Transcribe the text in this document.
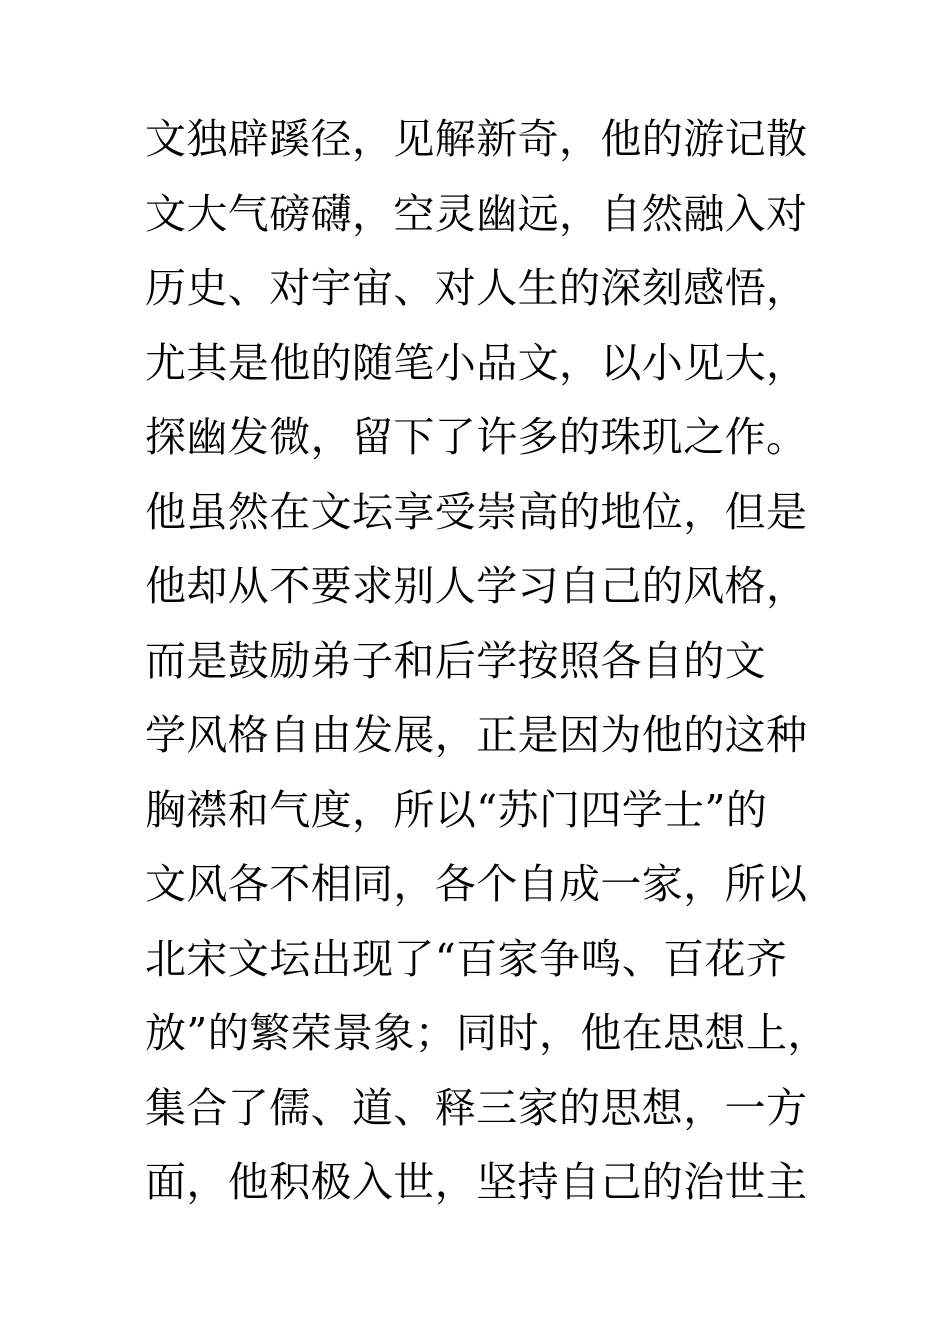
文独辟蹊径，见解新奇，他的游记散
文大气磅礴，空灵幽远，自然融入对
历史、对宇宙、对人生的深刻感悟，
尤其是他的随笔小品文，以小见大，
探幽发微，留下了许多的珠玑之作。
他虽然在文坛享受崇高的地位，但是
他却从不要求别人学习自己的风格，
而是鼓励弟子和后学按照各自的文
学风格自由发展，正是因为他的这种
胸襟和气度，所以“苏门四学士”的
文风各不相同，各个自成一家，所以
北宋文坛出现了“百家争鸣、百花齐
放”的繁荣景象；同时，他在思想上，
集合了儒、道、释三家的思想，一方
面，他积极入世，坚持自己的治世主
